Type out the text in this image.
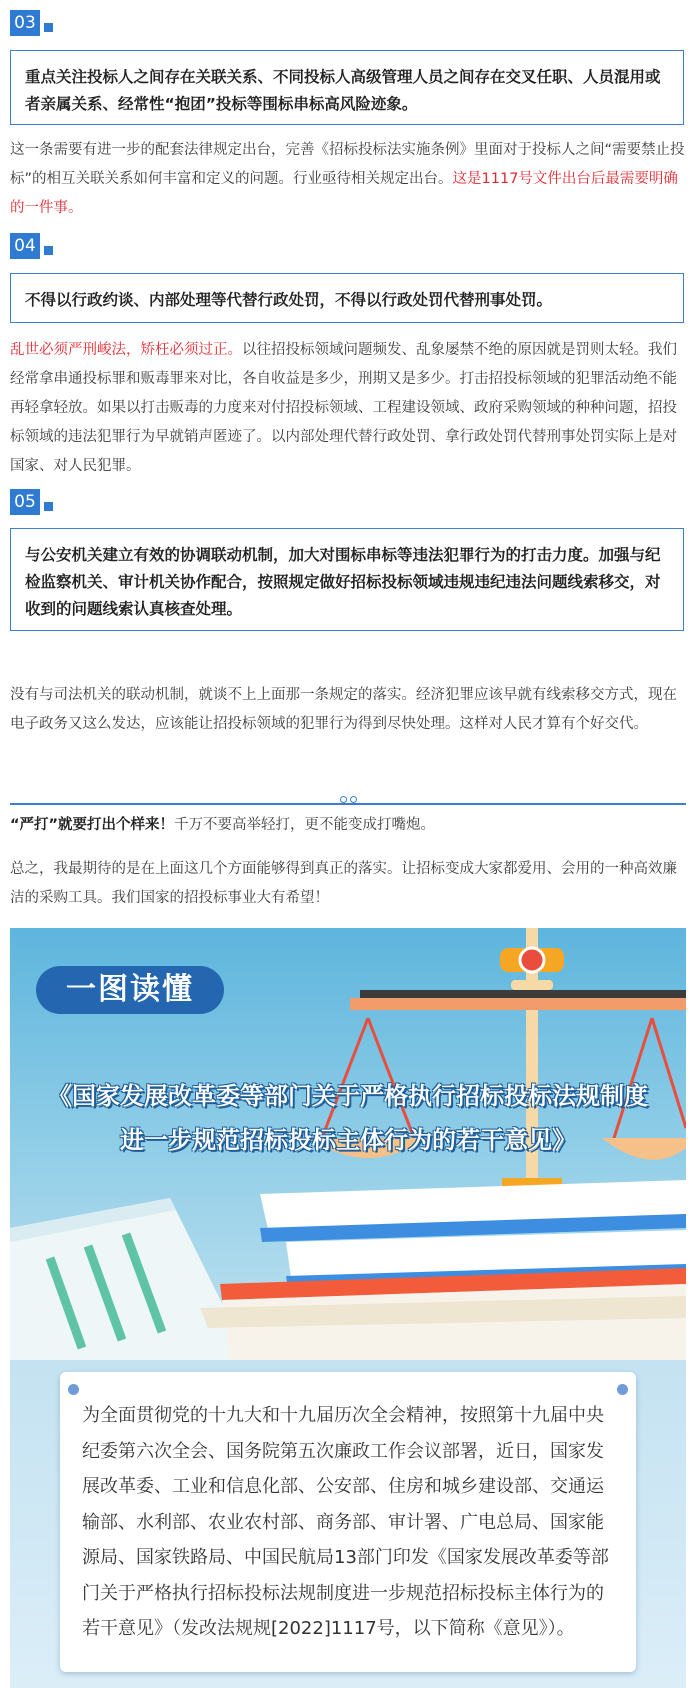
03
重点关注投标人之间存在关联关系、不同投标人高级管理人员之间存在交叉任职、人员混用或者亲属关系、经常性“抱团”投标等围标串标高风险迹象。
这一条需要有进一步的配套法律规定出台，完善《招标投标法实施条例》里面对于投标人之间“需要禁止投标”的相互关联关系如何丰富和定义的问题。行业亟待相关规定出台。这是1117号文件出台后最需要明确的一件事。
04
不得以行政约谈、内部处理等代替行政处罚，不得以行政处罚代替刑事处罚。
乱世必须严刑峻法，矫枉必须过正。以往招投标领域问题频发、乱象屡禁不绝的原因就是罚则太轻。我们经常拿串通投标罪和贩毒罪来对比，各自收益是多少，刑期又是多少。打击招投标领域的犯罪活动绝不能再轻拿轻放。如果以打击贩毒的力度来对付招投标领域、工程建设领域、政府采购领域的种种问题，招投标领域的违法犯罪行为早就销声匿迹了。以内部处理代替行政处罚、拿行政处罚代替刑事处罚实际上是对国家、对人民犯罪。
05
与公安机关建立有效的协调联动机制，加大对围标串标等违法犯罪行为的打击力度。加强与纪检监察机关、审计机关协作配合，按照规定做好招标投标领域违规违纪违法问题线索移交，对收到的问题线索认真核查处理。
没有与司法机关的联动机制，就谈不上上面那一条规定的落实。经济犯罪应该早就有线索移交方式，现在电子政务又这么发达，应该能让招投标领域的犯罪行为得到尽快处理。这样对人民才算有个好交代。
“严打”就要打出个样来！千万不要高举轻打，更不能变成打嘴炮。
总之，我最期待的是在上面这几个方面能够得到真正的落实。让招标变成大家都爱用、会用的一种高效廉洁的采购工具。我们国家的招投标事业大有希望！
一图读懂
《国家发展改革委等部门关于严格执行招标投标法规制度
进一步规范招标投标主体行为的若干意见》
为全面贯彻党的十九大和十九届历次全会精神，按照第十九届中央纪委第六次全会、国务院第五次廉政工作会议部署，近日，国家发展改革委、工业和信息化部、公安部、住房和城乡建设部、交通运输部、水利部、农业农村部、商务部、审计署、广电总局、国家能源局、国家铁路局、中国民航局13部门印发《国家发展改革委等部门关于严格执行招标投标法规制度进一步规范招标投标主体行为的若干意见》（发改法规规[2022]1117号，以下简称《意见》）。
